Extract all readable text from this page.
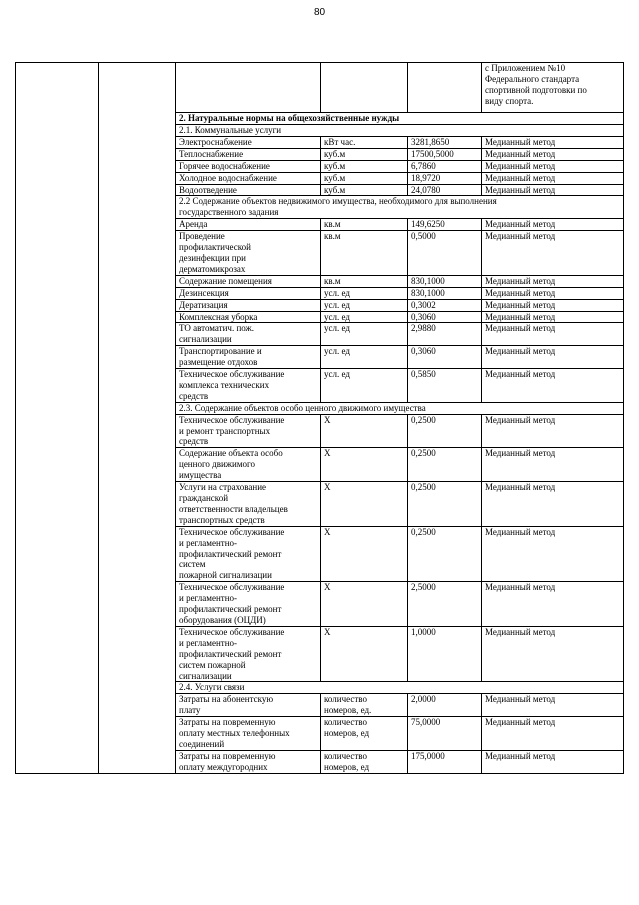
80
					с Приложением №10
Федерального стандарта
спортивной подготовки по
виду спорта.
		2. Натуральные нормы на общехозяйственные нужды			
		2.1. Коммунальные услуги			
		Электроснабжение	кВт час.	3281,8650	Медианный метод
		Теплоснабжение	куб.м	17500,5000	Медианный метод
		Горячее водоснабжение	куб.м	6,7860	Медианный метод
		Холодное водоснабжение	куб.м	18,9720	Медианный метод
		Водоотведение	куб.м	24,0780	Медианный метод
		2.2 Содержание объектов недвижимого имущества, необходимого для выполнения
государственного задания			
		Аренда	кв.м	149,6250	Медианный метод
		Проведение
профилактической
дезинфекции при
дерматомикрозах	кв.м	0,5000	Медианный метод
		Содержание помещения	кв.м	830,1000	Медианный метод
		Дезинсекция	усл. ед	830,1000	Медианный метод
		Дератизация	усл. ед	0,3002	Медианный метод
		Комплексная уборка	усл. ед	0,3060	Медианный метод
		ТО автоматич. пож.
сигнализации	усл. ед	2,9880	Медианный метод
		Транспортирование и
размещение отдохов	усл. ед	0,3060	Медианный метод
		Техническое обслуживание
комплекса технических
средств	усл. ед	0,5850	Медианный метод
		2.3. Содержание объектов особо ценного движимого имущества			
		Техническое обслуживание
и ремонт транспортных
средств	Х	0,2500	Медианный метод
		Содержание объекта особо
ценного движимого
имущества	Х	0,2500	Медианный метод
		Услуги на страхование
гражданской
ответственности владельцев
транспортных средств	Х	0,2500	Медианный метод
		Техническое обслуживание
и регламентно-
профилактический ремонт
систем
пожарной сигнализации	Х	0,2500	Медианный метод
		Техническое обслуживание
и регламентно-
профилактический ремонт
оборудования (ОЦДИ)	Х	2,5000	Медианный метод
		Техническое обслуживание
и регламентно-
профилактический ремонт
систем пожарной
сигнализации	Х	1,0000	Медианный метод
		2.4. Услуги связи			
		Затраты на абонентскую
плату	количество
номеров, ед.	2,0000	Медианный метод
		Затраты на повременную
оплату местных телефонных
соединений	количество
номеров, ед	75,0000	Медианный метод
		Затраты на повременную
оплату междугородних	количество
номеров, ед	175,0000	Медианный метод
